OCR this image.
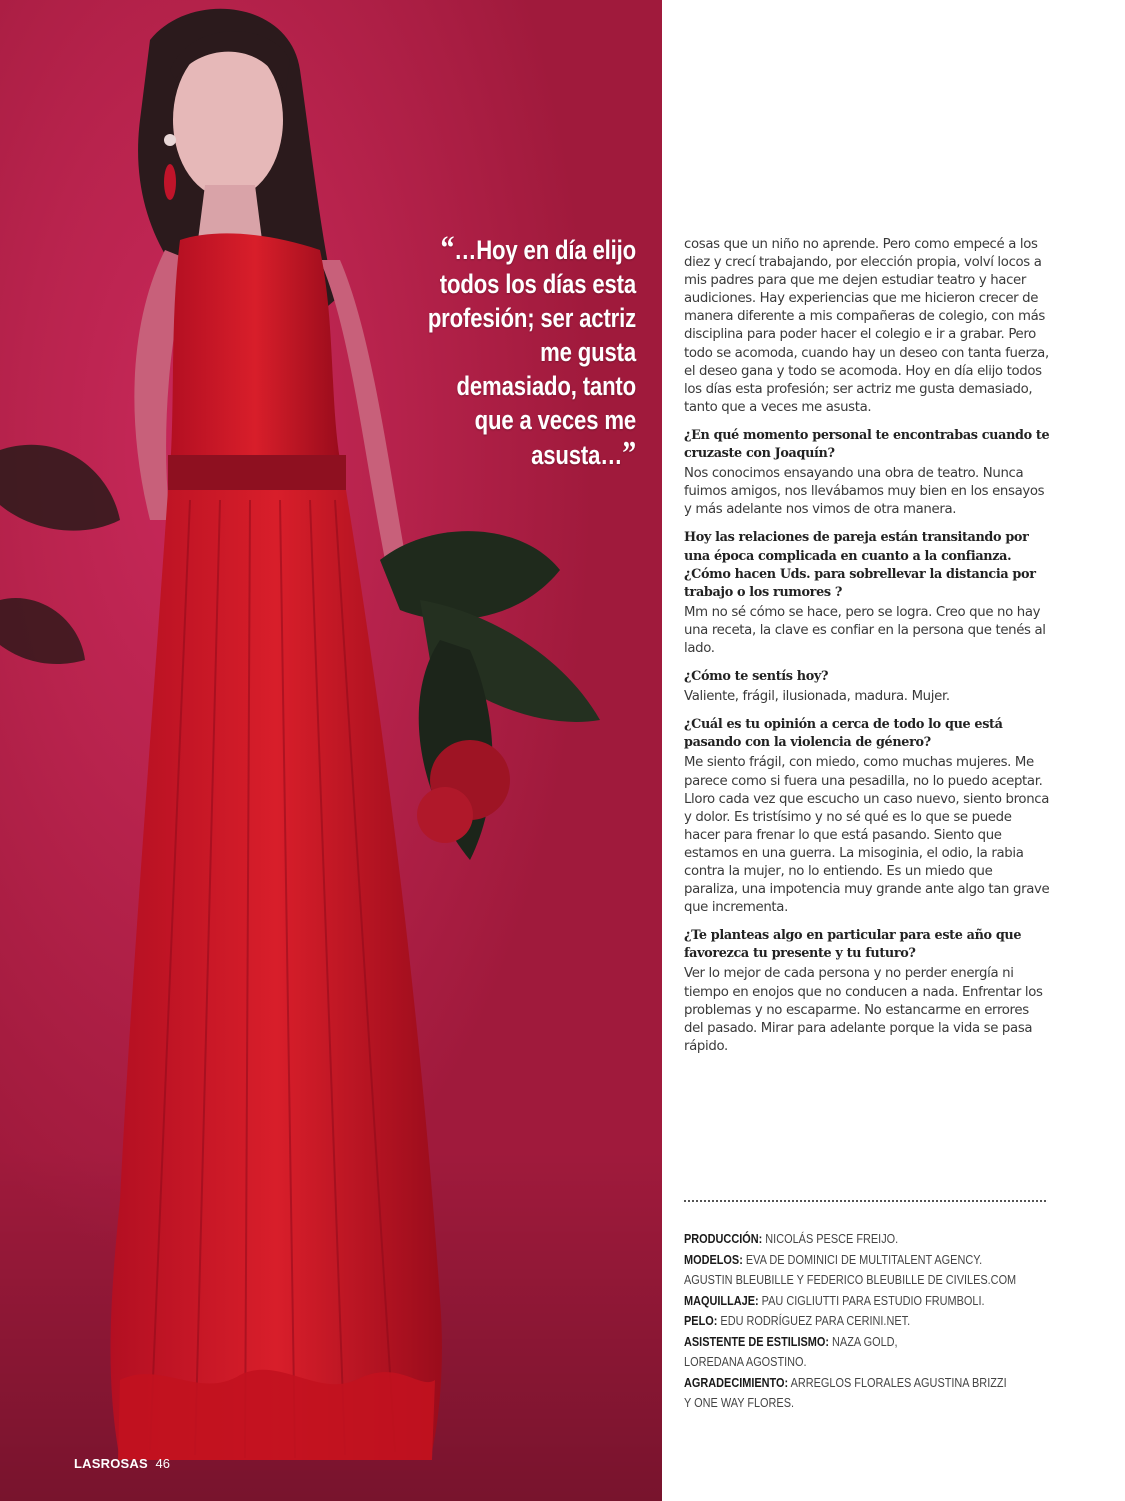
“…Hoy en día elijo todos los días esta profesión; ser actriz me gusta demasiado, tanto que a veces me asusta…”
LASROSAS 46

cosas que un niño no aprende. Pero como empecé a los diez y crecí trabajando, por elección propia, volví locos a mis padres para que me dejen estudiar teatro y hacer audiciones. Hay experiencias que me hicieron crecer de manera diferente a mis compañeras de colegio, con más disciplina para poder hacer el colegio e ir a grabar. Pero todo se acomoda, cuando hay un deseo con tanta fuerza, el deseo gana y todo se acomoda. Hoy en día elijo todos los días esta profesión; ser actriz me gusta demasiado, tanto que a veces me asusta.

¿En qué momento personal te encontrabas cuando te cruzaste con Joaquín?

Nos conocimos ensayando una obra de teatro. Nunca fuimos amigos, nos llevábamos muy bien en los ensayos y más adelante nos vimos de otra manera.

Hoy las relaciones de pareja están transitando por una época complicada en cuanto a la confianza. ¿Cómo hacen Uds. para sobrellevar la distancia por trabajo o los rumores ?

Mm no sé cómo se hace, pero se logra. Creo que no hay una receta, la clave es confiar en la persona que tenés al lado.

¿Cómo te sentís hoy?

Valiente, frágil, ilusionada, madura. Mujer.

¿Cuál es tu opinión a cerca de todo lo que está pasando con la violencia de género?

Me siento frágil, con miedo, como muchas mujeres. Me parece como si fuera una pesadilla, no lo puedo aceptar. Lloro cada vez que escucho un caso nuevo, siento bronca y dolor. Es tristísimo y no sé qué es lo que se puede hacer para frenar lo que está pasando. Siento que estamos en una guerra. La misoginia, el odio, la rabia contra la mujer, no lo entiendo. Es un miedo que paraliza, una impotencia muy grande ante algo tan grave que incrementa.

¿Te planteas algo en particular para este año que favorezca tu presente y tu futuro?

Ver lo mejor de cada persona y no perder energía ni tiempo en enojos que no conducen a nada. Enfrentar los problemas y no escaparme. No estancarme en errores del pasado. Mirar para adelante porque la vida se pasa rápido.

PRODUCCIÓN: NICOLÁS PESCE FREIJO.
MODELOS: EVA DE DOMINICI DE MULTITALENT AGENCY.
AGUSTIN BLEUBILLE Y FEDERICO BLEUBILLE DE CIVILES.COM
MAQUILLAJE: PAU CIGLIUTTI PARA ESTUDIO FRUMBOLI.
PELO: EDU RODRÍGUEZ PARA CERINI.NET.
ASISTENTE DE ESTILISMO: NAZA GOLD,
LOREDANA AGOSTINO.
AGRADECIMIENTO: ARREGLOS FLORALES AGUSTINA BRIZZI
Y ONE WAY FLORES.
